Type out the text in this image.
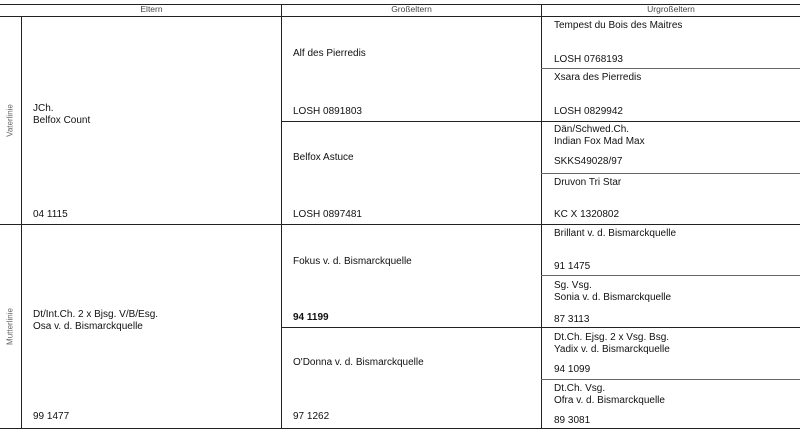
Eltern	Großeltern	Urgroßeltern
Vaterlinie
Mutterlinie
JCh.
Belfox Count
04 1115
Dt/Int.Ch. 2 x Bjsg. V/B/Esg.
Osa v. d. Bismarckquelle
99 1477
Alf des Pierredis
LOSH 0891803
Belfox Astuce
LOSH 0897481
Fokus v. d. Bismarckquelle
94 1199
O'Donna v. d. Bismarckquelle
97 1262
Tempest du Bois des Maitres
LOSH 0768193
Xsara des Pierredis
LOSH 0829942
Dän/Schwed.Ch.
Indian Fox Mad Max
SKKS49028/97
Druvon Tri Star
KC X 1320802
Brillant v. d. Bismarckquelle
91 1475
Sg. Vsg.
Sonia v. d. Bismarckquelle
87 3113
Dt.Ch. Ejsg. 2 x Vsg. Bsg.
Yadix v. d. Bismarckquelle
94 1099
Dt.Ch. Vsg.
Ofra v. d. Bismarckquelle
89 3081
